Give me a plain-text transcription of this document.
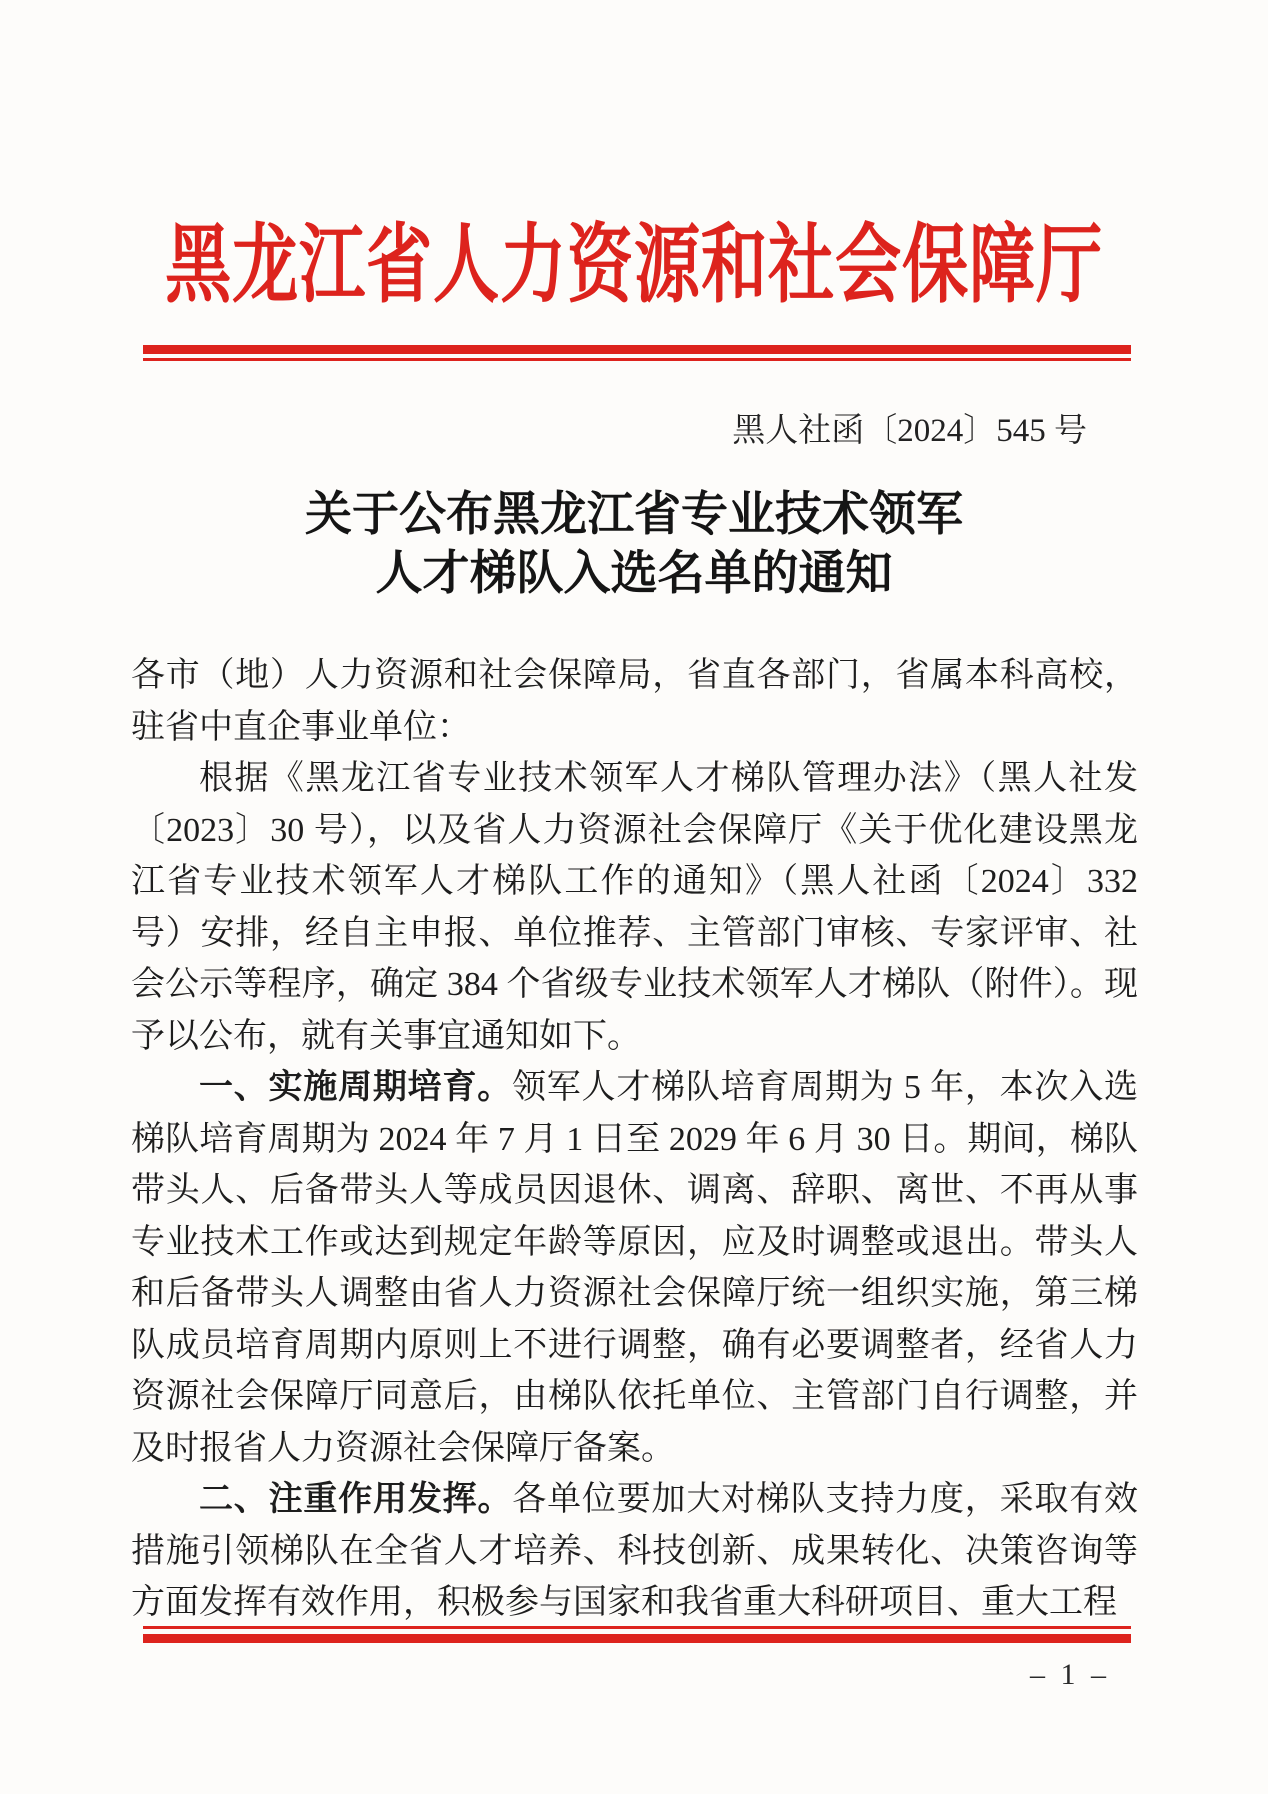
黑龙江省人力资源和社会保障厅
黑人社函〔2024〕545 号
关于公布黑龙江省专业技术领军
人才梯队入选名单的通知

各市（地）人力资源和社会保障局，省直各部门，省属本科高校，驻省中直企事业单位：

根据《黑龙江省专业技术领军人才梯队管理办法》（黑人社发〔2023〕30 号），以及省人力资源社会保障厅《关于优化建设黑龙江省专业技术领军人才梯队工作的通知》（黑人社函〔2024〕332 号）安排，经自主申报、单位推荐、主管部门审核、专家评审、社会公示等程序，确定 384 个省级专业技术领军人才梯队（附件）。现予以公布，就有关事宜通知如下。

一、实施周期培育。领军人才梯队培育周期为 5 年，本次入选梯队培育周期为 2024 年 7 月 1 日至 2029 年 6 月 30 日。期间，梯队带头人、后备带头人等成员因退休、调离、辞职、离世、不再从事专业技术工作或达到规定年龄等原因，应及时调整或退出。带头人和后备带头人调整由省人力资源社会保障厅统一组织实施，第三梯队成员培育周期内原则上不进行调整，确有必要调整者，经省人力资源社会保障厅同意后，由梯队依托单位、主管部门自行调整，并及时报省人力资源社会保障厅备案。

二、注重作用发挥。各单位要加大对梯队支持力度，采取有效措施引领梯队在全省人才培养、科技创新、成果转化、决策咨询等方面发挥有效作用，积极参与国家和我省重大科研项目、重大工程

– 1 –
